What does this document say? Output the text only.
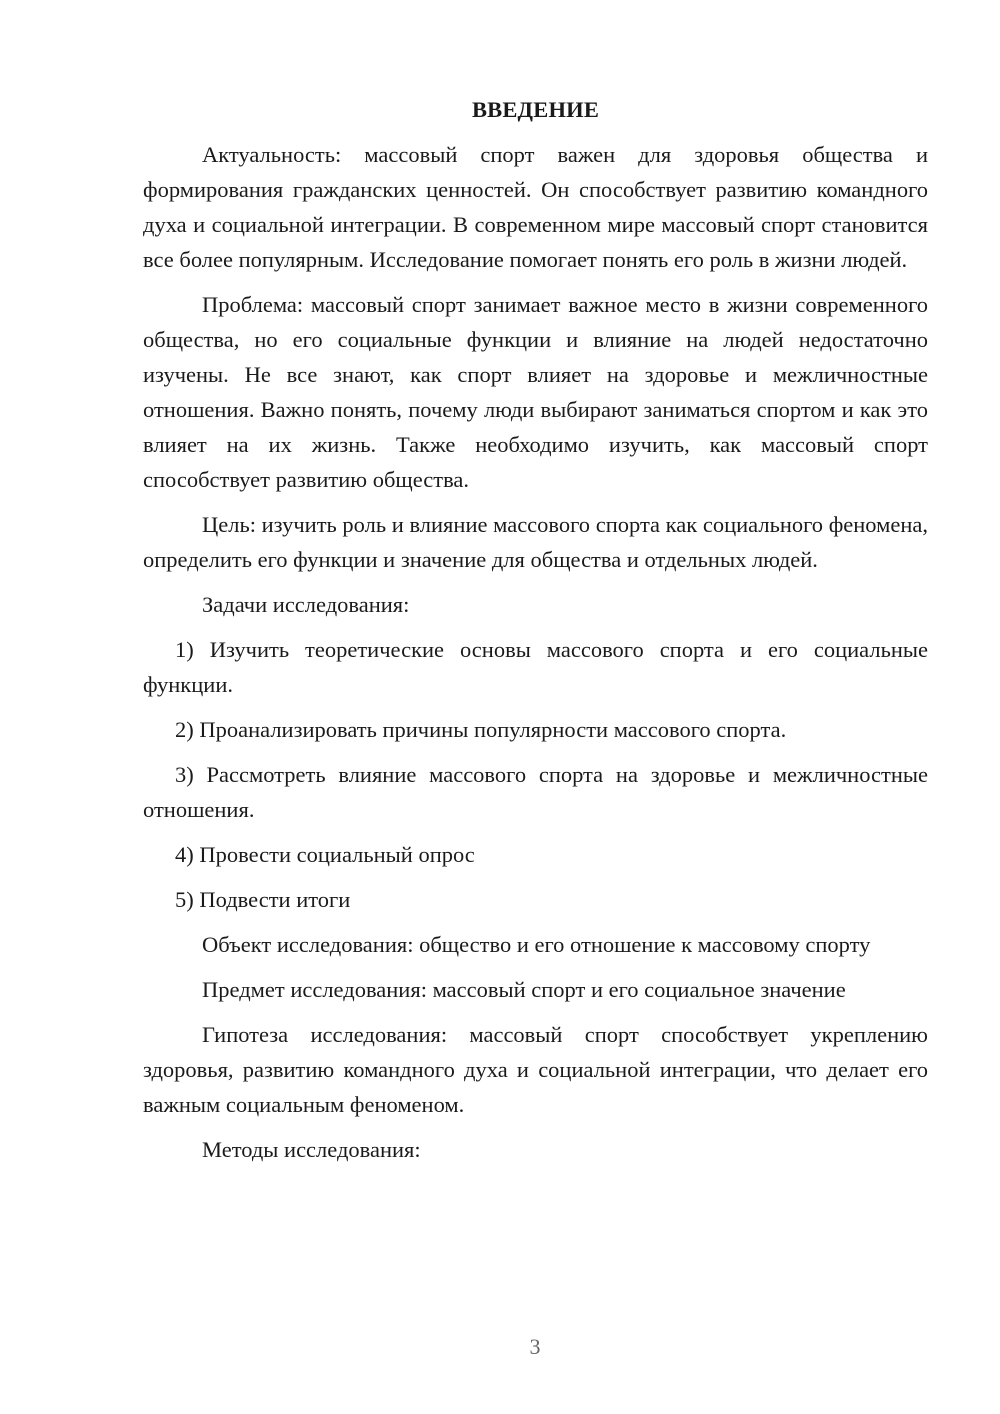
ВВЕДЕНИЕ

Актуальность: массовый спорт важен для здоровья общества и формирования гражданских ценностей. Он способствует развитию командного духа и социальной интеграции. В современном мире массовый спорт становится все более популярным. Исследование помогает понять его роль в жизни людей.

Проблема: массовый спорт занимает важное место в жизни современного общества, но его социальные функции и влияние на людей недостаточно изучены. Не все знают, как спорт влияет на здоровье и межличностные отношения. Важно понять, почему люди выбирают заниматься спортом и как это влияет на их жизнь. Также необходимо изучить, как массовый спорт способствует развитию общества.

Цель: изучить роль и влияние массового спорта как социального феномена, определить его функции и значение для общества и отдельных людей.

Задачи исследования:

1) Изучить теоретические основы массового спорта и его социальные функции.

2) Проанализировать причины популярности массового спорта.

3) Рассмотреть влияние массового спорта на здоровье и межличностные отношения.

4) Провести социальный опрос

5) Подвести итоги

Объект исследования: общество и его отношение к массовому спорту

Предмет исследования: массовый спорт и его социальное значение

Гипотеза исследования: массовый спорт способствует укреплению здоровья, развитию командного духа и социальной интеграции, что делает его важным социальным феноменом.

Методы исследования:

3
